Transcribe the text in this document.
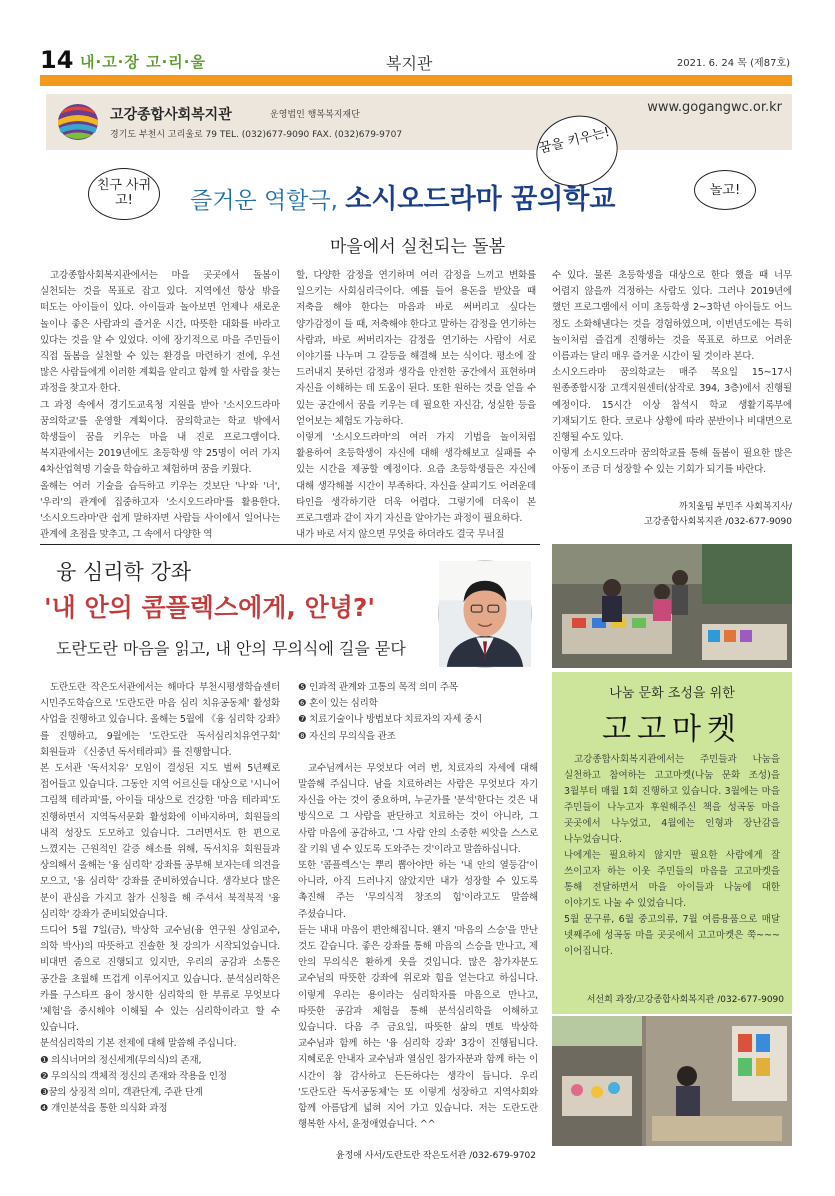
14 내·고·장 고·리·울	복지관	2021. 6. 24 목 (제87호)
고강종합사회복지관	운영법인 행복복지재단
경기도 부천시 고리울로 79 TEL. (032)677-9090 FAX. (032)679-9707
www.gogangwc.or.kr
친구 사귀고!
꿈을 키우는!
놀고!
즐거운 역할극, 소시오드라마 꿈의학교
마을에서 실천되는 돌봄

고강종합사회복지관에서는 마을 곳곳에서 돌봄이 실천되는 것을 목표로 잡고 있다. 지역에선 항상 밖을 떠도는 아이들이 있다. 아이들과 놀아보면 언제나 새로운 놀이나 좋은 사람과의 즐거운 시간, 따뜻한 대화를 바라고 있다는 것을 알 수 있었다. 이에 장기적으로 마을 주민들이 직접 돌봄을 실천할 수 있는 환경을 마련하기 전에, 우선 많은 사람들에게 이러한 계획을 알리고 함께 할 사람을 찾는 과정을 찾고자 한다.
그 과정 속에서 경기도교육청 지원을 받아 '소시오드라마 꿈의학교'를 운영할 계획이다. 꿈의학교는 학교 밖에서 학생들이 꿈을 키우는 마을 내 진로 프로그램이다. 복지관에서는 2019년에도 초등학생 약 25명이 여러 가지 4차산업혁명 기술을 학습하고 체험하며 꿈을 키웠다.
올해는 여러 기술을 습득하고 키우는 것보단 '나'와 '너', '우리'의 관계에 집중하고자 '소시오드라마'를 활용한다. '소시오드라마'란 쉽게 말하자면 사람들 사이에서 일어나는 관계에 초점을 맞추고, 그 속에서 다양한 역

할, 다양한 감정을 연기하며 여러 감정을 느끼고 변화를 일으키는 사회심리극이다. 예를 들어 용돈을 받았을 때 저축을 해야 한다는 마음과 바로 써버리고 싶다는 양가감정이 들 때, 저축해야 한다고 말하는 감정을 연기하는 사람과, 바로 써버리자는 감정을 연기하는 사람이 서로 이야기를 나누며 그 갈등을 해결해 보는 식이다. 평소에 잘 드러내지 못하던 감정과 생각을 안전한 공간에서 표현하며 자신을 이해하는 데 도움이 된다. 또한 원하는 것을 얻을 수 있는 공간에서 꿈을 키우는 데 필요한 자신감, 성실한 등을 얻어보는 체험도 가능하다.
이렇게 '소시오드라마'의 여러 가지 기법을 놀이처럼 활용하여 초등학생이 자신에 대해 생각해보고 실패를 수 있는 시간을 제공할 예정이다. 요즘 초등학생들은 자신에 대해 생각해볼 시간이 부족하다. 자신을 살피기도 어려운데 타인을 생각하기란 더욱 어렵다. 그렇기에 더욱이 본 프로그램과 같이 자기 자신을 알아가는 과정이 필요하다.
내가 바로 서지 않으면 무엇을 하더라도 결국 무너질

수 있다. 물론 초등학생을 대상으로 한다 했을 때 너무 어렵지 않을까 걱정하는 사람도 있다. 그러나 2019년에 했던 프로그램에서 이미 초등학생 2~3학년 아이들도 어느 정도 소화해낸다는 것을 경험하였으며, 이번년도에는 특히 놀이처럼 즐겁게 진행하는 것을 목표로 하므로 어려운 이름과는 달리 매우 즐거운 시간이 될 것이라 본다.
소시오드라마 꿈의학교는 매주 목요일 15~17시 원종종합시장 고객지원센터(삼작로 394, 3층)에서 진행될 예정이다. 15시간 이상 참석시 학교 생활기록부에 기재되기도 한다. 코로나 상황에 따라 분반이나 비대면으로 진행될 수도 있다.
이렇게 소시오드라마 꿈의학교를 통해 돌봄이 필요한 많은 아동이 조금 더 성장할 수 있는 기회가 되기를 바란다.

까치울팀 부민주 사회복지사/
고강종합사회복지관 /032-677-9090
융 심리학 강좌
'내 안의 콤플렉스에게, 안녕?'
도란도란 마음을 읽고, 내 안의 무의식에 길을 묻다

도란도란 작은도서관에서는 해마다 부천시평생학습센터 시민주도학습으로 '도란도란 마음 심리 치유공동체' 활성화 사업을 진행하고 있습니다. 올해는 5월에 《융 심리학 강좌》를 진행하고, 9월에는 '도란도란 독서심리치유연구회' 회원들과 《신중년 독서테라피》를 진행합니다.
본 도서관 '독서치유' 모임이 결성된 지도 벌써 5년째로 접어들고 있습니다. 그동안 지역 어르신들 대상으로 '시니어 그림책 테라피'를, 아이들 대상으로 건강한 '마음 테라피'도 진행하면서 지역독서문화 활성화에 이바지하며, 회원들의 내적 성장도 도모하고 있습니다. 그러면서도 한 편으로 느꼈지는 근원적인 갈증 해소를 위해, 독서치유 회원들과 상의해서 올해는 '융 심리학' 강좌를 공부해 보자는데 의견을 모으고, '융 심리학' 강좌를 준비하였습니다. 생각보다 많은 분이 관심을 가지고 참가 신청을 해 주셔서 북적북적 '융 심리학' 강좌가 준비되었습니다.
드디어 5월 7일(금), 박상학 교수님(융 연구원 상임교수, 의학 박사)의 따뜻하고 진솔한 첫 강의가 시작되었습니다. 비대면 줌으로 진행되고 있지만, 우리의 공감과 소통은 공간을 초월해 뜨겁게 이루어지고 있습니다. 분석심리학은 카를 구스타프 융이 창시한 심리학의 한 부류로 무엇보다 '체험'을 중시해야 이해될 수 있는 심리학이라고 할 수 있습니다.
분석심리학의 기본 전제에 대해 말씀해 주십니다.

❶ 의식너머의 정신세계(무의식)의 존재,

❷ 무의식의 객체적 정신의 존재와 작용을 인정

❸꿈의 상징적 의미, 객관단계, 주관 단계

❹ 개인분석을 통한 의식화 과정

❺ 인과적 관계와 고통의 목적 의미 주목

❻ 혼이 있는 심리학

❼ 치료기술이나 방법보다 치료자의 자세 중시

❽ 자신의 무의식을 관조

교수님께서는 무엇보다 여러 번, 치료자의 자세에 대해 말씀해 주십니다. 남을 치료하려는 사람은 무엇보다 자기 자신을 아는 것이 중요하며, 누군가를 '분석'한다는 것은 내 방식으로 그 사람을 판단하고 치료하는 것이 아니라, 그 사람 마음에 공감하고, '그 사람 안의 소중한 씨앗을 스스로 잘 키워 낼 수 있도록 도와주는 것'이라고 말씀하십니다.
또한 '콤플렉스'는 뿌리 뽑아야만 하는 '내 안의 열등감'이 아니라, 아직 드러나지 않았지만 내가 성장할 수 있도록 촉진해 주는 '무의식적 창조의 힘'이라고도 말씀해 주셨습니다.
듣는 내내 마음이 편안해집니다. 왠지 '마음의 스승'을 만난 것도 같습니다. 좋은 강좌를 통해 마음의 스승을 만나고, 제 안의 무의식은 환하게 웃을 것입니다. 많은 참가자분도 교수님의 따뜻한 강좌에 위로와 힘을 얻는다고 하십니다. 이렇게 우리는 용이라는 심리학자를 마음으로 만나고, 따뜻한 공감과 체험을 통해 분석심리학을 이해하고 있습니다. 다음 주 금요일, 따뜻한 삶의 멘토 박상학 교수님과 함께 하는 '융 심리학 강좌' 3강이 진행됩니다. 지혜로운 안내자 교수님과 열심인 참가자분과 함께 하는 이 시간이 참 감사하고 든든하다는 생각이 듭니다. 우리 '도란도란 독서공동체'는 또 이렇게 성장하고 지역사회와 함께 아름답게 넓혀 지어 가고 있습니다. 저는 도란도란 행복한 사서, 윤정애였습니다. ^^

윤정애 사서/도란도란 작은도서관 /032-679-9702
나눔 문화 조성을 위한
고고마켓
고강종합사회복지관에서는 주민들과 나눔을 실천하고 참여하는 고고마켓(나눔 문화 조성)을 3월부터 매월 1회 진행하고 있습니다. 3월에는 마을 주민들이 나누고자 후원해주신 책을 성곡동 마을 곳곳에서 나누었고, 4월에는 인형과 장난감을 나누었습니다.
나에게는 필요하지 않지만 필요한 사람에게 잘 쓰이고자 하는 이웃 주민들의 마음을 고고마켓을 통해 전달하면서 마을 아이들과 나눔에 대한 이야기도 나눌 수 있었습니다.
5월 문구류, 6월 중고의류, 7월 여름용품으로 매달 넷째주에 성곡동 마을 곳곳에서 고고마켓은 쭉~~~이어집니다.
서선희 과장/고강종합사회복지관 /032-677-9090
